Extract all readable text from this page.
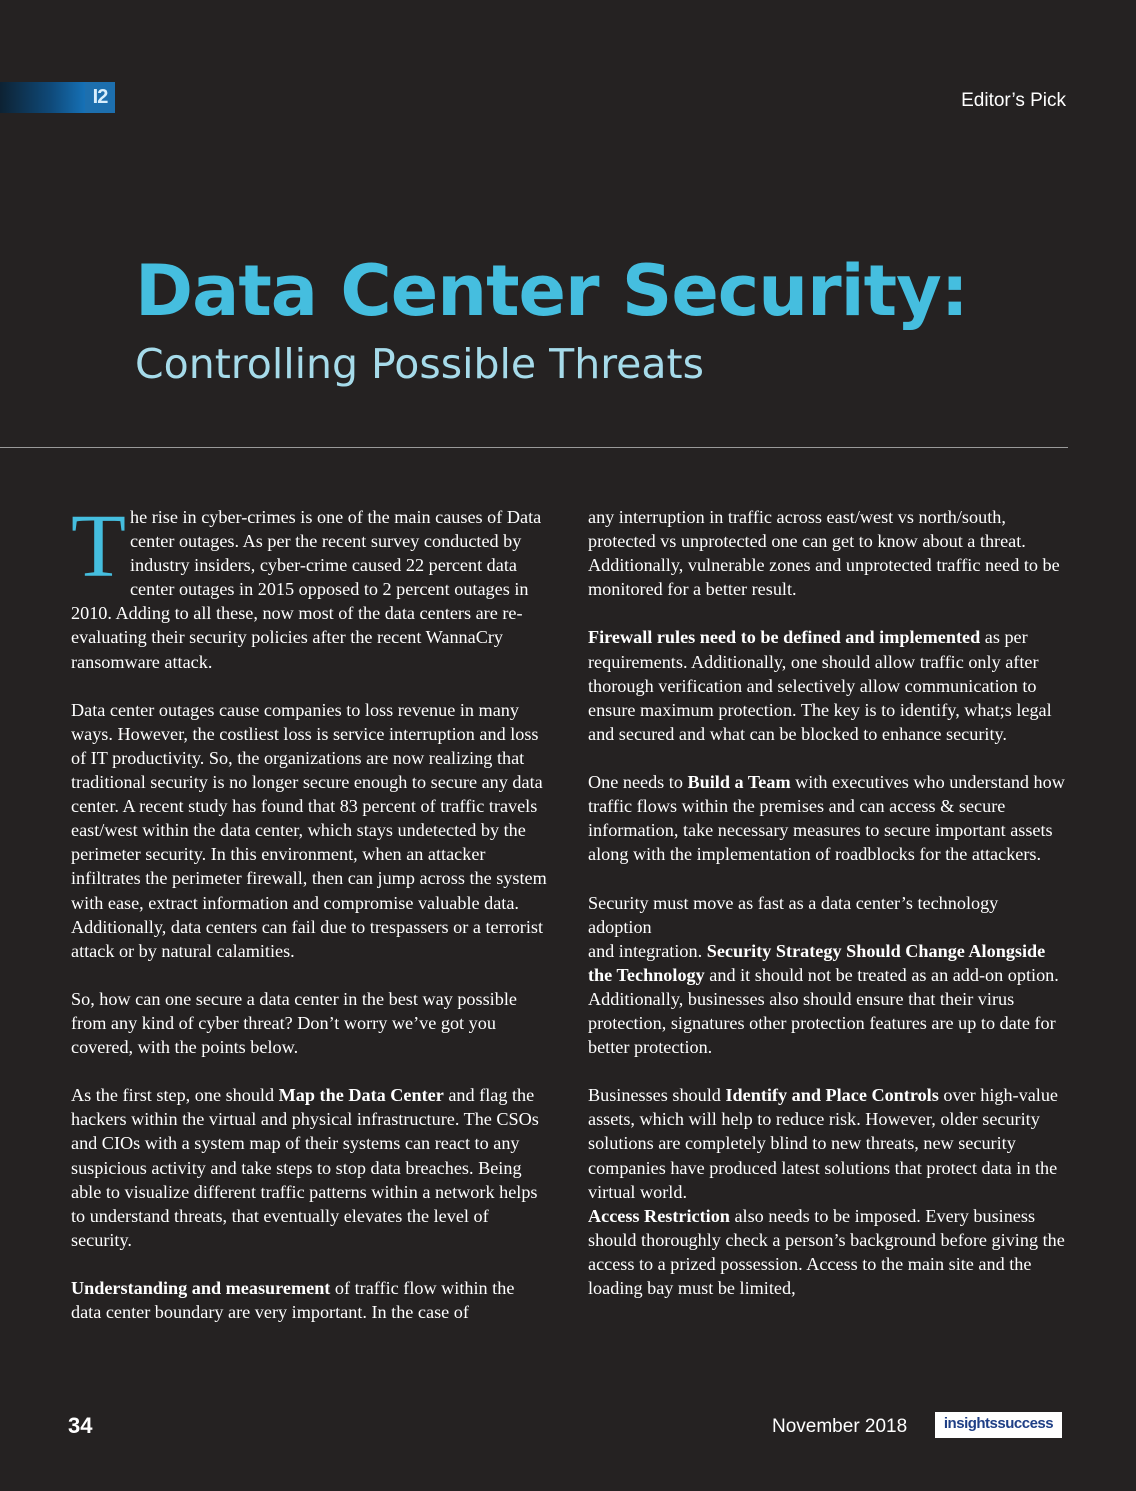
I2	Editor’s Pick
Data Center Security:
Controlling Possible Threats

The rise in cyber-crimes is one of the main causes of Data center outages. As per the recent survey conducted by industry insiders, cyber-crime caused 22 percent data center outages in 2015 opposed to 2 percent outages in 2010. Adding to all these, now most of the data centers are re-evaluating their security policies after the recent WannaCry ransomware attack.

Data center outages cause companies to loss revenue in many ways. However, the costliest loss is service interruption and loss of IT productivity. So, the organizations are now realizing that traditional security is no longer secure enough to secure any data center. A recent study has found that 83 percent of traffic travels east/west within the data center, which stays undetected by the perimeter security. In this environment, when an attacker infiltrates the perimeter firewall, then can jump across the system with ease, extract information and compromise valuable data. Additionally, data centers can fail due to trespassers or a terrorist attack or by natural calamities.

So, how can one secure a data center in the best way possible from any kind of cyber threat? Don’t worry we’ve got you covered, with the points below.

As the first step, one should Map the Data Center and flag the hackers within the virtual and physical infrastructure. The CSOs and CIOs with a system map of their systems can react to any suspicious activity and take steps to stop data breaches. Being able to visualize different traffic patterns within a network helps to understand threats, that eventually elevates the level of security.

Understanding and measurement of traffic flow within the data center boundary are very important. In the case of

any interruption in traffic across east/west vs north/south, protected vs unprotected one can get to know about a threat. Additionally, vulnerable zones and unprotected traffic need to be monitored for a better result.

Firewall rules need to be defined and implemented as per requirements. Additionally, one should allow traffic only after thorough verification and selectively allow communication to ensure maximum protection. The key is to identify, what;s legal and secured and what can be blocked to enhance security.

One needs to Build a Team with executives who understand how traffic flows within the premises and can access & secure information, take necessary measures to secure important assets along with the implementation of roadblocks for the attackers.

Security must move as fast as a data center’s technology adoption
and integration. Security Strategy Should Change Alongside the Technology and it should not be treated as an add-on option. Additionally, businesses also should ensure that their virus protection, signatures other protection features are up to date for better protection.

Businesses should Identify and Place Controls over high-value assets, which will help to reduce risk. However, older security solutions are completely blind to new threats, new security companies have produced latest solutions that protect data in the virtual world.

Access Restriction also needs to be imposed. Every business should thoroughly check a person’s background before giving the access to a prized possession. Access to the main site and the loading bay must be limited,

34	November 2018	insightssuccess
